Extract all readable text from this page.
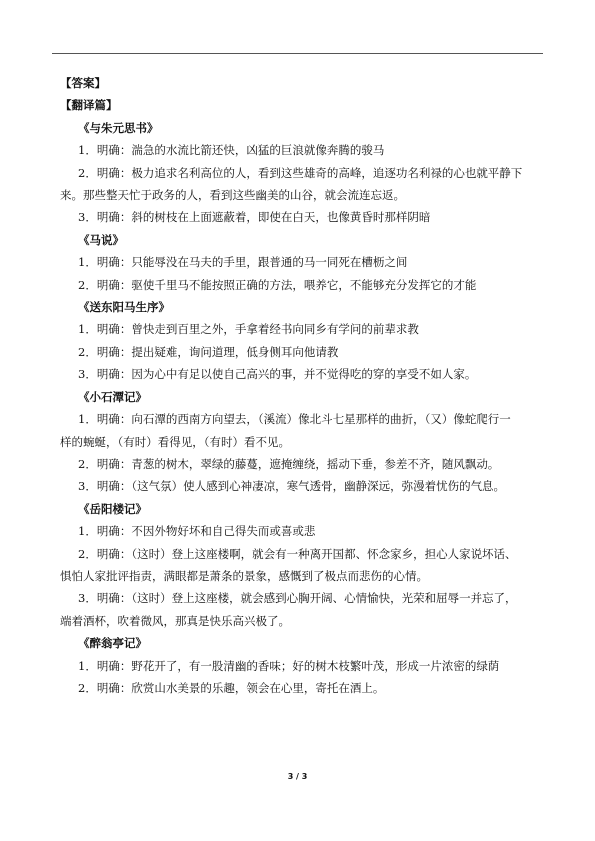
【答案】
【翻译篇】
《与朱元思书》
1．明确：湍急的水流比箭还快，凶猛的巨浪就像奔腾的骏马
2．明确：极力追求名利高位的人，看到这些雄奇的高峰，追逐功名利禄的心也就平静下
来。那些整天忙于政务的人，看到这些幽美的山谷，就会流连忘返。
3．明确：斜的树枝在上面遮蔽着，即使在白天，也像黄昏时那样阴暗
《马说》
1．明确：只能辱没在马夫的手里，跟普通的马一同死在槽枥之间
2．明确：驱使千里马不能按照正确的方法，喂养它，不能够充分发挥它的才能
《送东阳马生序》
1．明确：曾快走到百里之外，手拿着经书向同乡有学问的前辈求教
2．明确：提出疑难，询问道理，低身侧耳向他请教
3．明确：因为心中有足以使自己高兴的事，并不觉得吃的穿的享受不如人家。
《小石潭记》
1．明确：向石潭的西南方向望去，（溪流）像北斗七星那样的曲折，（又）像蛇爬行一
样的蜿蜒，（有时）看得见，（有时）看不见。
2．明确：青葱的树木，翠绿的藤蔓，遮掩缠绕，摇动下垂，参差不齐，随风飘动。
3．明确：（这气氛）使人感到心神凄凉，寒气透骨，幽静深远，弥漫着忧伤的气息。
《岳阳楼记》
1．明确：不因外物好坏和自己得失而或喜或悲
2．明确：（这时）登上这座楼啊，就会有一种离开国都、怀念家乡，担心人家说坏话、
惧怕人家批评指责，满眼都是萧条的景象，感慨到了极点而悲伤的心情。
3．明确：（这时）登上这座楼，就会感到心胸开阔、心情愉快，光荣和屈辱一并忘了，
端着酒杯，吹着微风，那真是快乐高兴极了。
《醉翁亭记》
1．明确：野花开了，有一股清幽的香味；好的树木枝繁叶茂，形成一片浓密的绿荫
2．明确：欣赏山水美景的乐趣，领会在心里，寄托在酒上。
3 / 3
